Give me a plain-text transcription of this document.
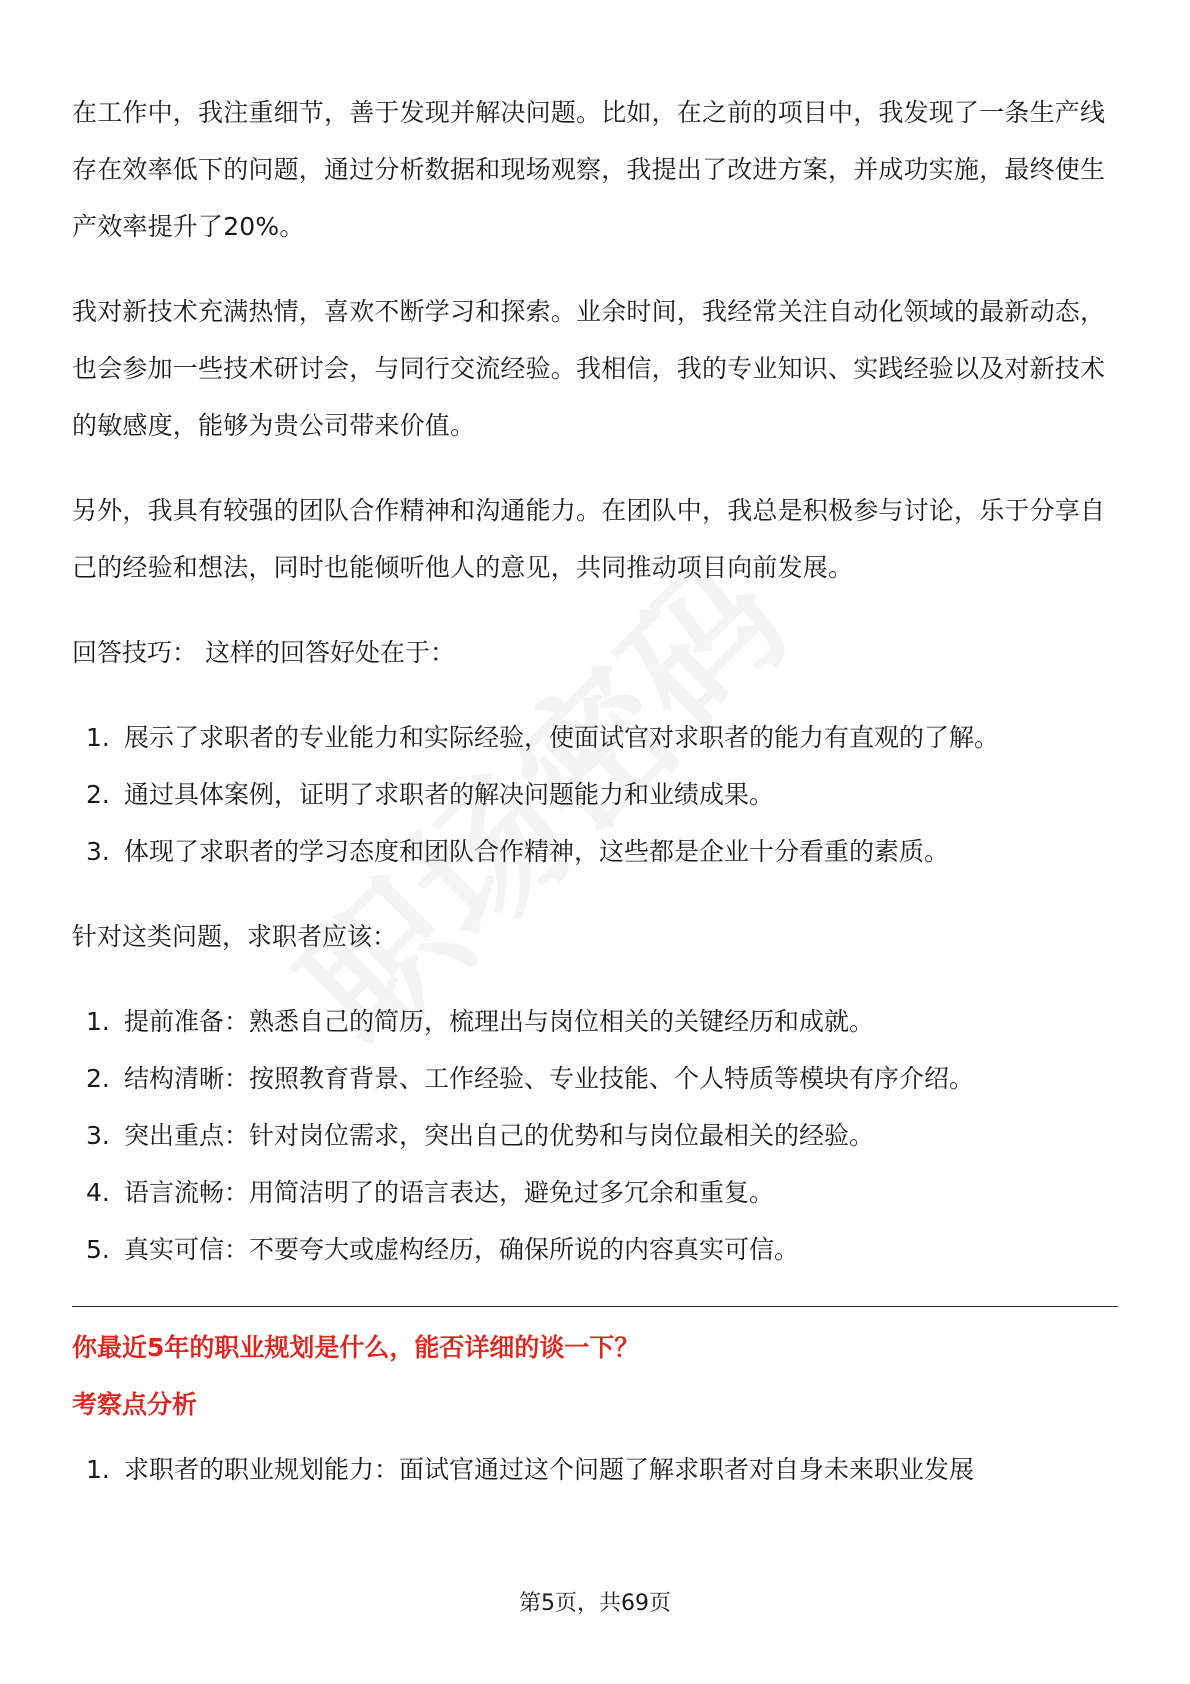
在工作中，我注重细节，善于发现并解决问题。比如，在之前的项目中，我发现了一条生产线存在效率低下的问题，通过分析数据和现场观察，我提出了改进方案，并成功实施，最终使生产效率提升了20%。

我对新技术充满热情，喜欢不断学习和探索。业余时间，我经常关注自动化领域的最新动态，也会参加一些技术研讨会，与同行交流经验。我相信，我的专业知识、实践经验以及对新技术的敏感度，能够为贵公司带来价值。

另外，我具有较强的团队合作精神和沟通能力。在团队中，我总是积极参与讨论，乐于分享自己的经验和想法，同时也能倾听他人的意见，共同推动项目向前发展。

回答技巧： 这样的回答好处在于：

1. 展示了求职者的专业能力和实际经验，使面试官对求职者的能力有直观的了解。
2. 通过具体案例，证明了求职者的解决问题能力和业绩成果。
3. 体现了求职者的学习态度和团队合作精神，这些都是企业十分看重的素质。

针对这类问题，求职者应该：

1. 提前准备：熟悉自己的简历，梳理出与岗位相关的关键经历和成就。
2. 结构清晰：按照教育背景、工作经验、专业技能、个人特质等模块有序介绍。
3. 突出重点：针对岗位需求，突出自己的优势和与岗位最相关的经验。
4. 语言流畅：用简洁明了的语言表达，避免过多冗余和重复。
5. 真实可信：不要夸大或虚构经历，确保所说的内容真实可信。

你最近5年的职业规划是什么，能否详细的谈一下？

考察点分析

1. 求职者的职业规划能力：面试官通过这个问题了解求职者对自身未来职业发展
第5页，共69页
